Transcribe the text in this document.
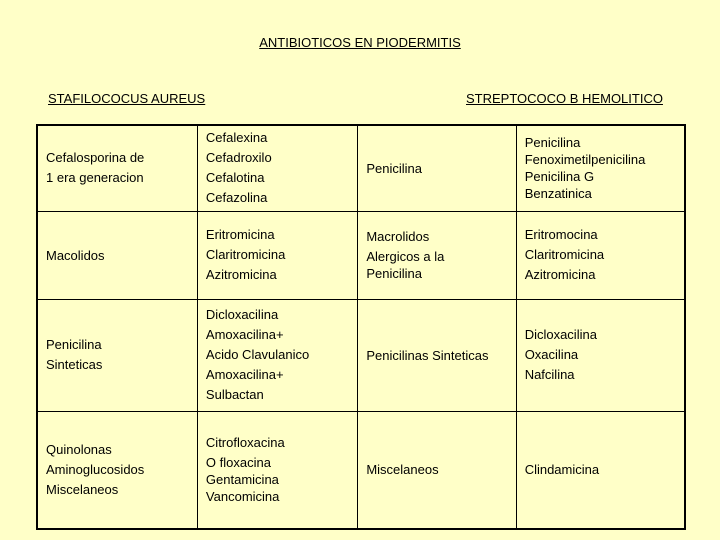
ANTIBIOTICOS EN PIODERMITIS
STAFILOCOCUS AUREUS	STREPTOCOCO B HEMOLITICO
Cefalosporina de
1 era generacion	Cefalexina
Cefadroxilo
Cefalotina
Cefazolina	Penicilina	Penicilina
Fenoximetilpenicilina
Penicilina G
Benzatinica

Macolidos	Eritromicina
Claritromicina
Azitromicina	Macrolidos
Alergicos a la
Penicilina	Eritromocina
Claritromicina
Azitromicina

Penicilina
Sinteticas	Dicloxacilina
Amoxacilina+
Acido Clavulanico
Amoxacilina+
Sulbactan	Penicilinas Sinteticas	Dicloxacilina
Oxacilina
Nafcilina

Quinolonas
Aminoglucosidos
Miscelaneos	Citrofloxacina
O floxacina
Gentamicina
Vancomicina	Miscelaneos	Clindamicina
